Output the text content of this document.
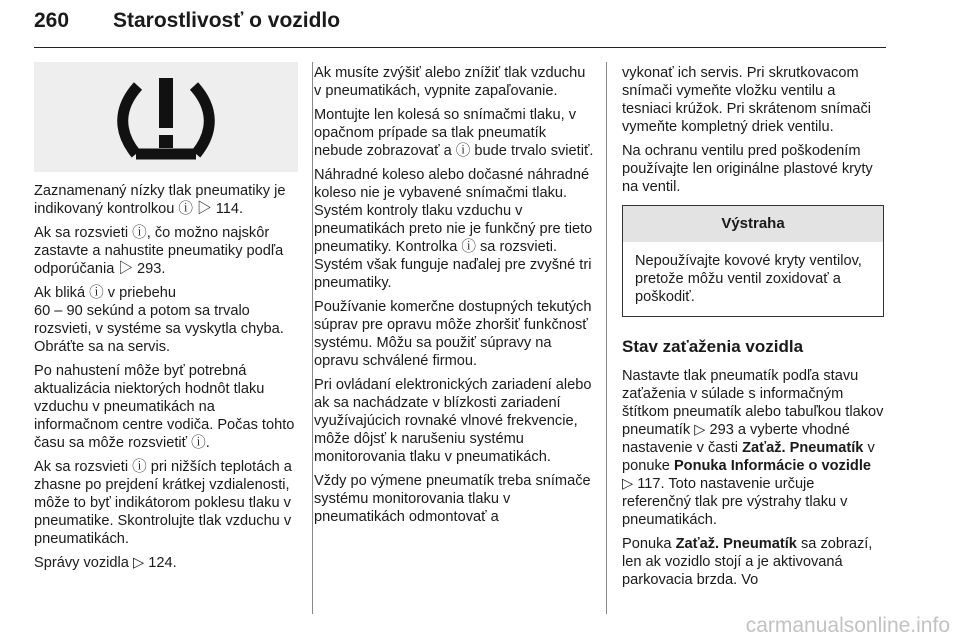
260 Starostlivosť o vozidlo

Zaznamenaný nízky tlak pneumatiky je indikovaný kontrolkou ⓘ ▷ 114.

Ak sa rozsvieti ⓘ, čo možno najskôr zastavte a nahustite pneumatiky podľa odporúčania ▷ 293.

Ak bliká ⓘ v priebehu
60 – 90 sekúnd a potom sa trvalo rozsvieti, v systéme sa vyskytla chyba. Obráťte sa na servis.

Po nahustení môže byť potrebná aktualizácia niektorých hodnôt tlaku vzduchu v pneumatikách na informačnom centre vodiča. Počas tohto času sa môže rozsvietiť ⓘ.

Ak sa rozsvieti ⓘ pri nižších teplotách a zhasne po prejdení krátkej vzdialenosti, môže to byť indikátorom poklesu tlaku v pneumatike. Skontrolujte tlak vzduchu v pneumatikách.

Správy vozidla ▷ 124.

Ak musíte zvýšiť alebo znížiť tlak vzduchu v pneumatikách, vypnite zapaľovanie.

Montujte len kolesá so snímačmi tlaku, v opačnom prípade sa tlak pneumatík nebude zobrazovať a ⓘ bude trvalo svietiť.

Náhradné koleso alebo dočasné náhradné koleso nie je vybavené snímačmi tlaku. Systém kontroly tlaku vzduchu v pneumatikách preto nie je funkčný pre tieto pneumatiky. Kontrolka ⓘ sa rozsvieti. Systém však funguje naďalej pre zvyšné tri pneumatiky.

Používanie komerčne dostupných tekutých súprav pre opravu môže zhoršiť funkčnosť systému. Môžu sa použiť súpravy na opravu schválené firmou.

Pri ovládaní elektronických zariadení alebo ak sa nachádzate v blízkosti zariadení využívajúcich rovnaké vlnové frekvencie, môže dôjsť k narušeniu systému monitorovania tlaku v pneumatikách.

Vždy po výmene pneumatík treba snímače systému monitorovania tlaku v pneumatikách odmontovať a

vykonať ich servis. Pri skrutkovacom snímači vymeňte vložku ventilu a tesniaci krúžok. Pri skrátenom snímači vymeňte kompletný driek ventilu.

Na ochranu ventilu pred poškodením používajte len originálne plastové kryty na ventil.

Výstraha
Nepoužívajte kovové kryty ventilov, pretože môžu ventil zoxidovať a poškodiť.
Stav zaťaženia vozidla

Nastavte tlak pneumatík podľa stavu zaťaženia v súlade s informačným štítkom pneumatík alebo tabuľkou tlakov pneumatík ▷ 293 a vyberte vhodné nastavenie v časti Zaťaž. Pneumatík v ponuke Ponuka Informácie o vozidle ▷ 117. Toto nastavenie určuje referenčný tlak pre výstrahy tlaku v pneumatikách.

Ponuka Zaťaž. Pneumatík sa zobrazí, len ak vozidlo stojí a je aktivovaná parkovacia brzda. Vo

carmanualsonline.info
